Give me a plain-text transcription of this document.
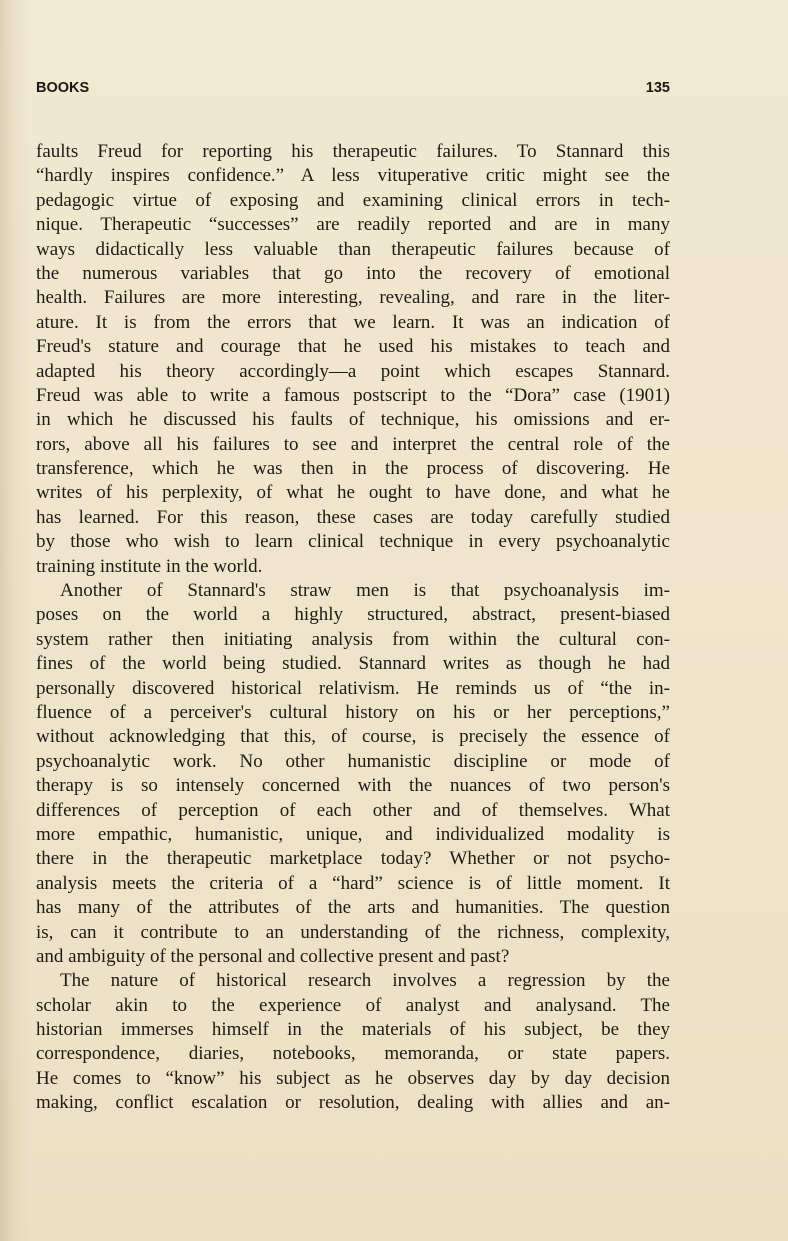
BOOKS	135
faults Freud for reporting his therapeutic failures. To Stannard this
“hardly inspires confidence.” A less vituperative critic might see the
pedagogic virtue of exposing and examining clinical errors in tech-
nique. Therapeutic “successes” are readily reported and are in many
ways didactically less valuable than therapeutic failures because of
the numerous variables that go into the recovery of emotional
health. Failures are more interesting, revealing, and rare in the liter-
ature. It is from the errors that we learn. It was an indication of
Freud's stature and courage that he used his mistakes to teach and
adapted his theory accordingly—a point which escapes Stannard.
Freud was able to write a famous postscript to the “Dora” case (1901)
in which he discussed his faults of technique, his omissions and er-
rors, above all his failures to see and interpret the central role of the
transference, which he was then in the process of discovering. He
writes of his perplexity, of what he ought to have done, and what he
has learned. For this reason, these cases are today carefully studied
by those who wish to learn clinical technique in every psychoanalytic
training institute in the world.
Another of Stannard's straw men is that psychoanalysis im-
poses on the world a highly structured, abstract, present-biased
system rather then initiating analysis from within the cultural con-
fines of the world being studied. Stannard writes as though he had
personally discovered historical relativism. He reminds us of “the in-
fluence of a perceiver's cultural history on his or her perceptions,”
without acknowledging that this, of course, is precisely the essence of
psychoanalytic work. No other humanistic discipline or mode of
therapy is so intensely concerned with the nuances of two person's
differences of perception of each other and of themselves. What
more empathic, humanistic, unique, and individualized modality is
there in the therapeutic marketplace today? Whether or not psycho-
analysis meets the criteria of a “hard” science is of little moment. It
has many of the attributes of the arts and humanities. The question
is, can it contribute to an understanding of the richness, complexity,
and ambiguity of the personal and collective present and past?
The nature of historical research involves a regression by the
scholar akin to the experience of analyst and analysand. The
historian immerses himself in the materials of his subject, be they
correspondence, diaries, notebooks, memoranda, or state papers.
He comes to “know” his subject as he observes day by day decision
making, conflict escalation or resolution, dealing with allies and an-
